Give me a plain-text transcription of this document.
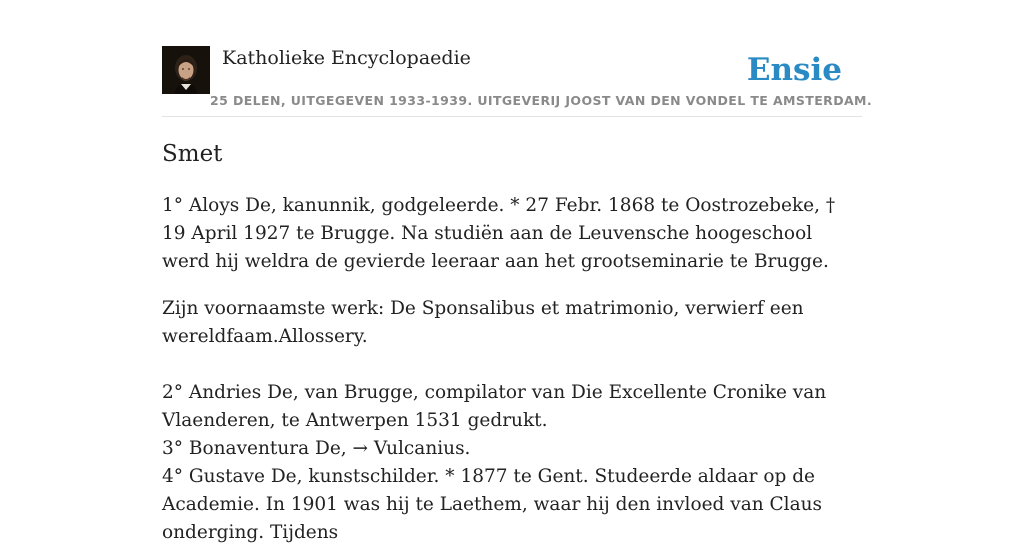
Katholieke Encyclopaedie
25 DELEN, UITGEGEVEN 1933-1939. UITGEVERIJ JOOST VAN DEN VONDEL TE AMSTERDAM.
Ensie
Smet

1° Aloys De, kanunnik, godgeleerde. * 27 Febr. 1868 te Oostrozebeke, † 19 April 1927 te Brugge. Na studiën aan de Leuvensche hoogeschool werd hij weldra de gevierde leeraar aan het grootseminarie te Brugge.

Zijn voornaamste werk: De Sponsalibus et matrimonio, verwierf een wereldfaam.Allossery.

2° Andries De, van Brugge, compilator van Die Excellente Cronike van Vlaenderen, te Antwerpen 1531 gedrukt.

3° Bonaventura De, → Vulcanius.

4° Gustave De, kunstschilder. * 1877 te Gent. Studeerde aldaar op de Academie. In 1901 was hij te Laethem, waar hij den invloed van Claus onderging. Tijdens
